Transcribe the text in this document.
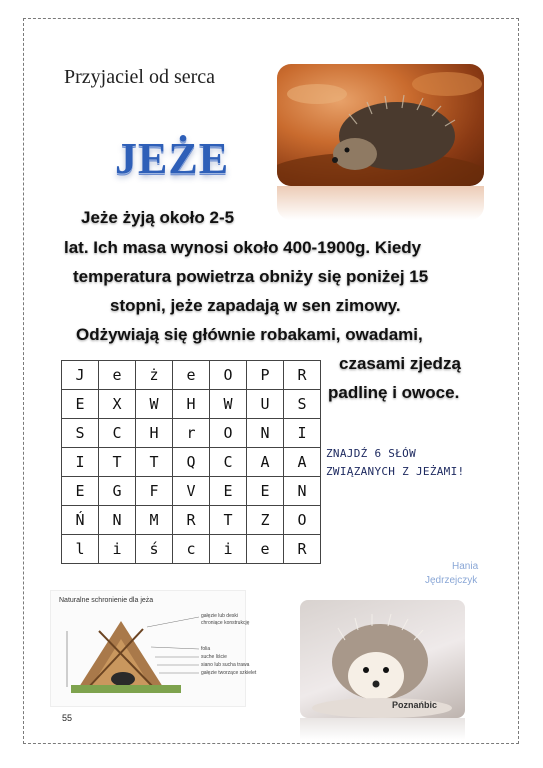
Przyjaciel od serca
JEŻE
Jeże żyją około 2-5
lat. Ich masa wynosi około 400-1900g. Kiedy
temperatura powietrza obniży się poniżej 15
stopni, jeże zapadają w sen zimowy.
Odżywiają się głównie robakami, owadami,
czasami zjedzą
padlinę i owoce.
J	e	ż	e	O	P	R
E	X	W	H	W	U	S
S	C	H	r	O	N	I
I	T	T	Q	C	A	A
E	G	F	V	E	E	N
Ń	N	M	R	T	Z	O
l	i	ś	c	i	e	R
ZNAJDŹ 6 SŁÓW
ZWIĄZANYCH Z JEŻAMI!
Hania
Jędrzejczyk
Naturalne schronienie dla jeża
gałęzie lub deski
chroniące konstrukcję
folia
suche liście
siano lub sucha trawa
gałęzie tworzące szkielet
Poznańbic
55
